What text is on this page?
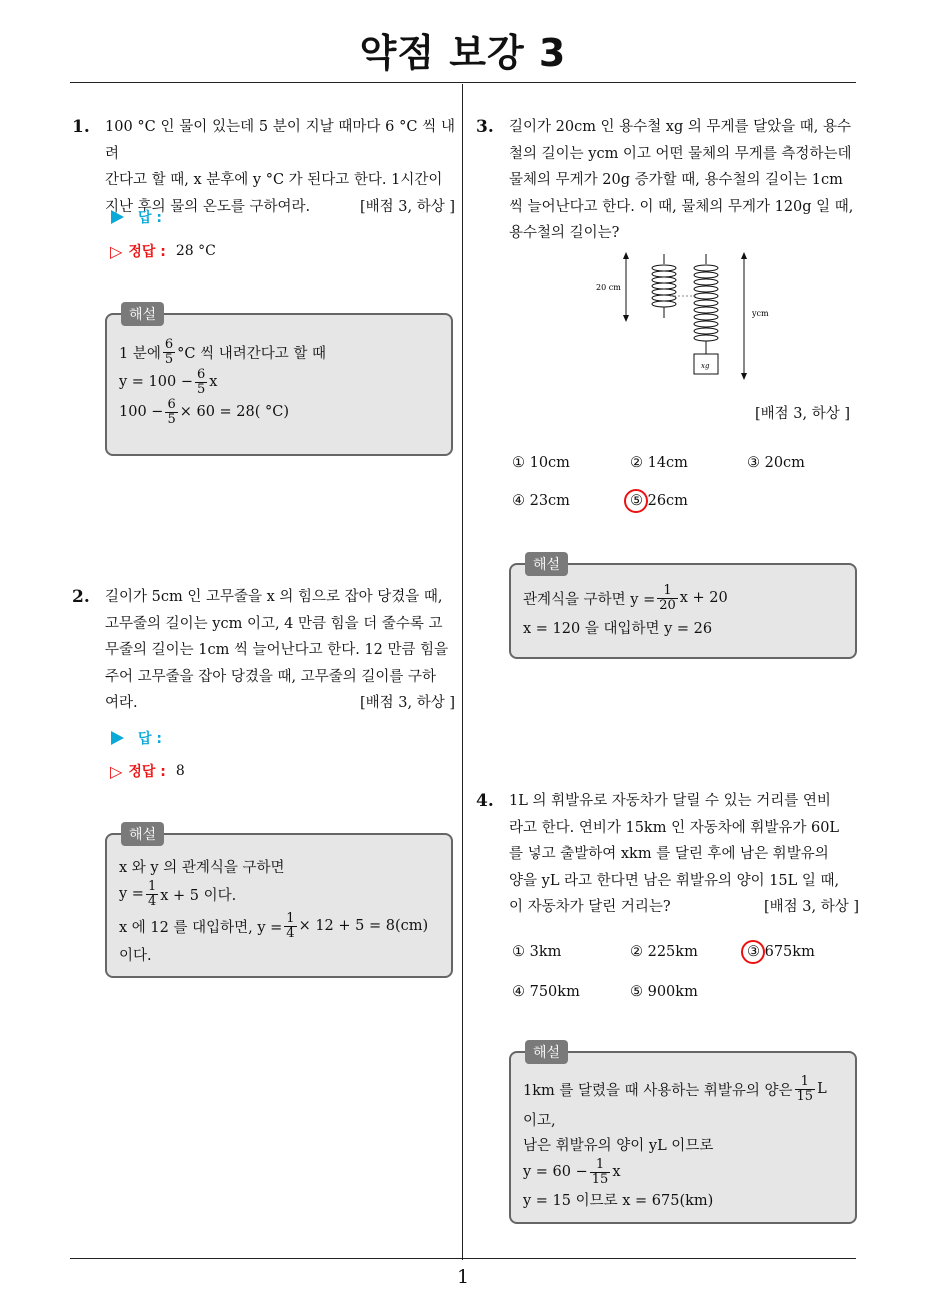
약점 보강 3
1
1. 100 °C 인 물이 있는데 5 분이 지날 때마다 6 °C 씩 내려

간다고 할 때, x 분후에 y °C 가 된다고 한다. 1시간이

지난 후의 물의 온도를 구하여라.	[배점 3, 하상 ]

답 :
▷ 정답 : 28 °C
해설
1 분에 $\frac{6}{5} ^\circ C$ 씩 내려간다고 할 때
$y = 100 - \frac{6}{5}$ x
$100 - \frac{6}{5} \times 60 = 28$( °C)
2. 길이가 5cm 인 고무줄을 x 의 힘으로 잡아 당겼을 때,

고무줄의 길이는 ycm 이고, 4 만큼 힘을 더 줄수록 고

무줄의 길이는 1cm 씩 늘어난다고 한다. 12 만큼 힘을

주어 고무줄을 잡아 당겼을 때, 고무줄의 길이를 구하

여라.	[배점 3, 하상 ]

답 :
▷ 정답 : 8
해설
x 와 y 의 관계식을 구하면
$y = \frac{1}{4}$ x + 5 이다.
x 에 12 를 대입하면, $y = \frac{1}{4} \times 12 + 5 = 8(cm)$
이다.
3. 길이가 20cm 인 용수철 xg 의 무게를 달았을 때, 용수

철의 길이는 ycm 이고 어떤 물체의 무게를 측정하는데

물체의 무게가 20g 증가할 때, 용수철의 길이는 1cm

씩 늘어난다고 한다. 이 때, 물체의 무게가 120g 일 때,

용수철의 길이는?

20 cm
ycm
xg
[배점 3, 하상 ]
① 10cm	② 14cm	③ 20cm
④ 23cm	⑤ 26cm
해설
관계식을 구하면 $y = \frac{1}{20}$ x + 20
x = 120 을 대입하면 y = 26
4. 1L 의 휘발유로 자동차가 달릴 수 있는 거리를 연비

라고 한다. 연비가 15km 인 자동차에 휘발유가 60L

를 넣고 출발하여 xkm 를 달린 후에 남은 휘발유의

양을 yL 라고 한다면 남은 휘발유의 양이 15L 일 때,

이 자동차가 달린 거리는?	[배점 3, 하상 ]

① 3km	② 225km	③ 675km
④ 750km	⑤ 900km
해설
1km 를 달렸을 때 사용하는 휘발유의 양은 $\frac{1}{15}$ L
이고,
남은 휘발유의 양이 yL 이므로
$y = 60 - \frac{1}{15}$ x
y = 15 이므로 x = 675(km)
